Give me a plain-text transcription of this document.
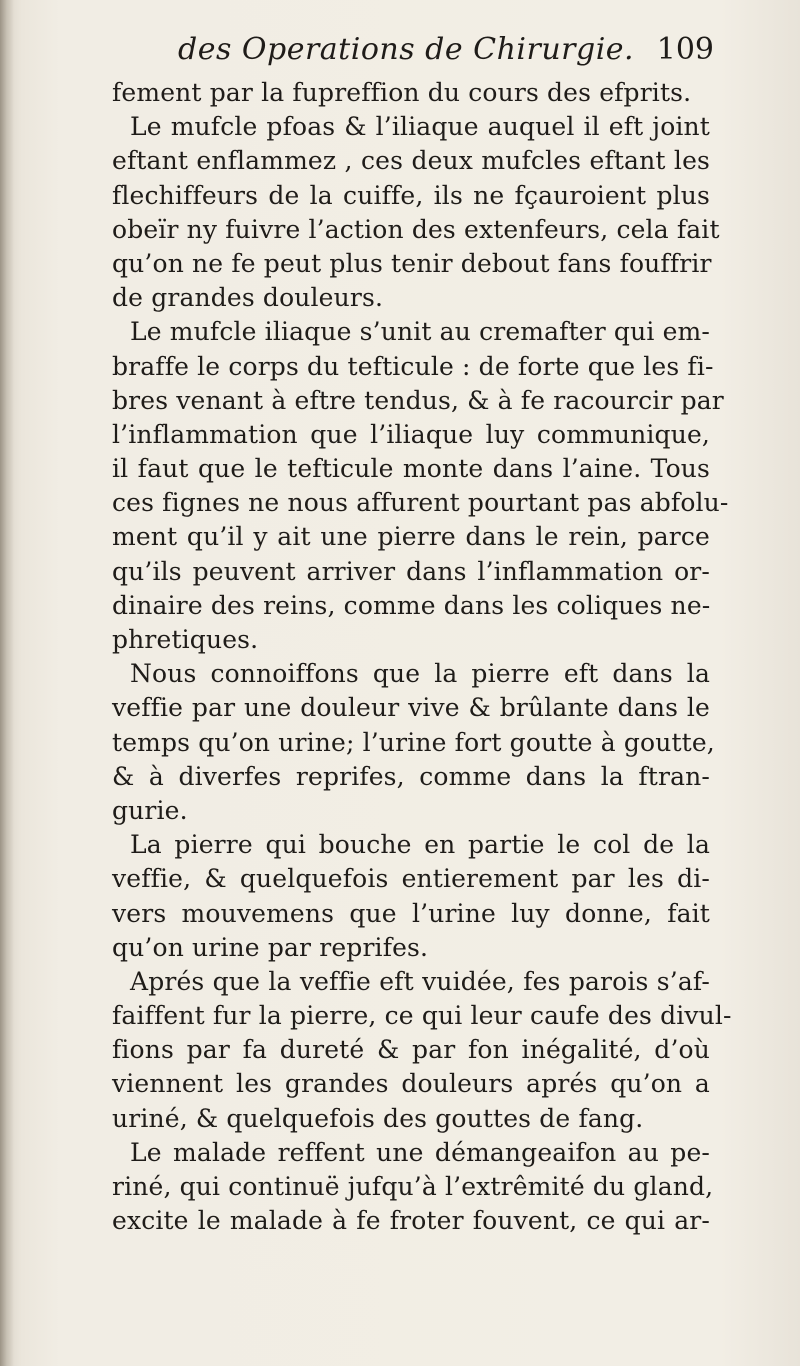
des Operations de Chirurgie. 109
fement par la fupreffion du cours des efprits.
Le mufcle pfoas & l’iliaque auquel il eft joint
eftant enflammez , ces deux mufcles eftant les
flechiffeurs de la cuiffe, ils ne fçauroient plus
obeïr ny fuivre l’action des extenfeurs, cela fait
qu’on ne fe peut plus tenir debout fans fouffrir
de grandes douleurs.
Le mufcle iliaque s’unit au cremafter qui em-
braffe le corps du tefticule : de forte que les fi-
bres venant à eftre tendus, & à fe racourcir par
l’inflammation que l’iliaque luy communique,
il faut que le tefticule monte dans l’aine. Tous
ces fignes ne nous affurent pourtant pas abfolu-
ment qu’il y ait une pierre dans le rein, parce
qu’ils peuvent arriver dans l’inflammation or-
dinaire des reins, comme dans les coliques ne-
phretiques.
Nous connoiffons que la pierre eft dans la
veffie par une douleur vive & brûlante dans le
temps qu’on urine; l’urine fort goutte à goutte,
& à diverfes reprifes, comme dans la ftran-
gurie.
La pierre qui bouche en partie le col de la
veffie, & quelquefois entierement par les di-
vers mouvemens que l’urine luy donne, fait
qu’on urine par reprifes.
Aprés que la veffie eft vuidée, fes parois s’af-
faiffent fur la pierre, ce qui leur caufe des divul-
fions par fa dureté & par fon inégalité, d’où
viennent les grandes douleurs aprés qu’on a
uriné, & quelquefois des gouttes de fang.
Le malade reffent une démangeaifon au pe-
riné, qui continuë jufqu’à l’extrêmité du gland,
excite le malade à fe froter fouvent, ce qui ar-
